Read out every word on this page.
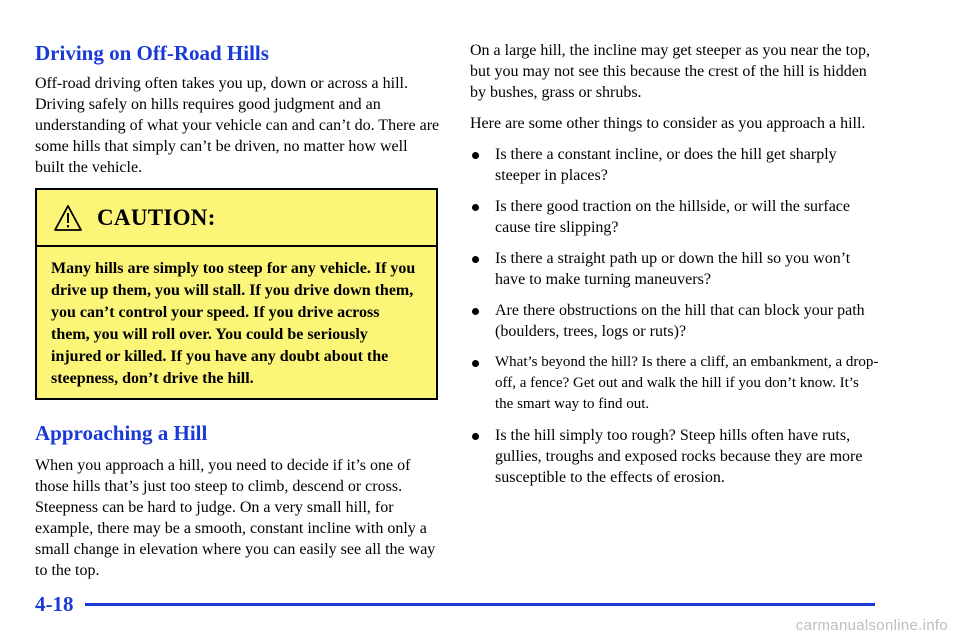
Driving on Off-Road Hills

Off-road driving often takes you up, down or across a hill. Driving safely on hills requires good judgment and an understanding of what your vehicle can and can’t do. There are some hills that simply can’t be driven, no matter how well built the vehicle.

CAUTION:
Many hills are simply too steep for any vehicle. If you drive up them, you will stall. If you drive down them, you can’t control your speed. If you drive across them, you will roll over. You could be seriously injured or killed. If you have any doubt about the steepness, don’t drive the hill.
Approaching a Hill

When you approach a hill, you need to decide if it’s one of those hills that’s just too steep to climb, descend or cross. Steepness can be hard to judge. On a very small hill, for example, there may be a smooth, constant incline with only a small change in elevation where you can easily see all the way to the top.

On a large hill, the incline may get steeper as you near the top, but you may not see this because the crest of the hill is hidden by bushes, grass or shrubs.

Here are some other things to consider as you approach a hill.

Is there a constant incline, or does the hill get sharply steeper in places?
Is there good traction on the hillside, or will the surface cause tire slipping?
Is there a straight path up or down the hill so you won’t have to make turning maneuvers?
Are there obstructions on the hill that can block your path (boulders, trees, logs or ruts)?
What’s beyond the hill? Is there a cliff, an embankment, a drop-off, a fence? Get out and walk the hill if you don’t know. It’s the smart way to find out.
Is the hill simply too rough? Steep hills often have ruts, gullies, troughs and exposed rocks because they are more susceptible to the effects of erosion.
4-18
carmanualsonline.info
